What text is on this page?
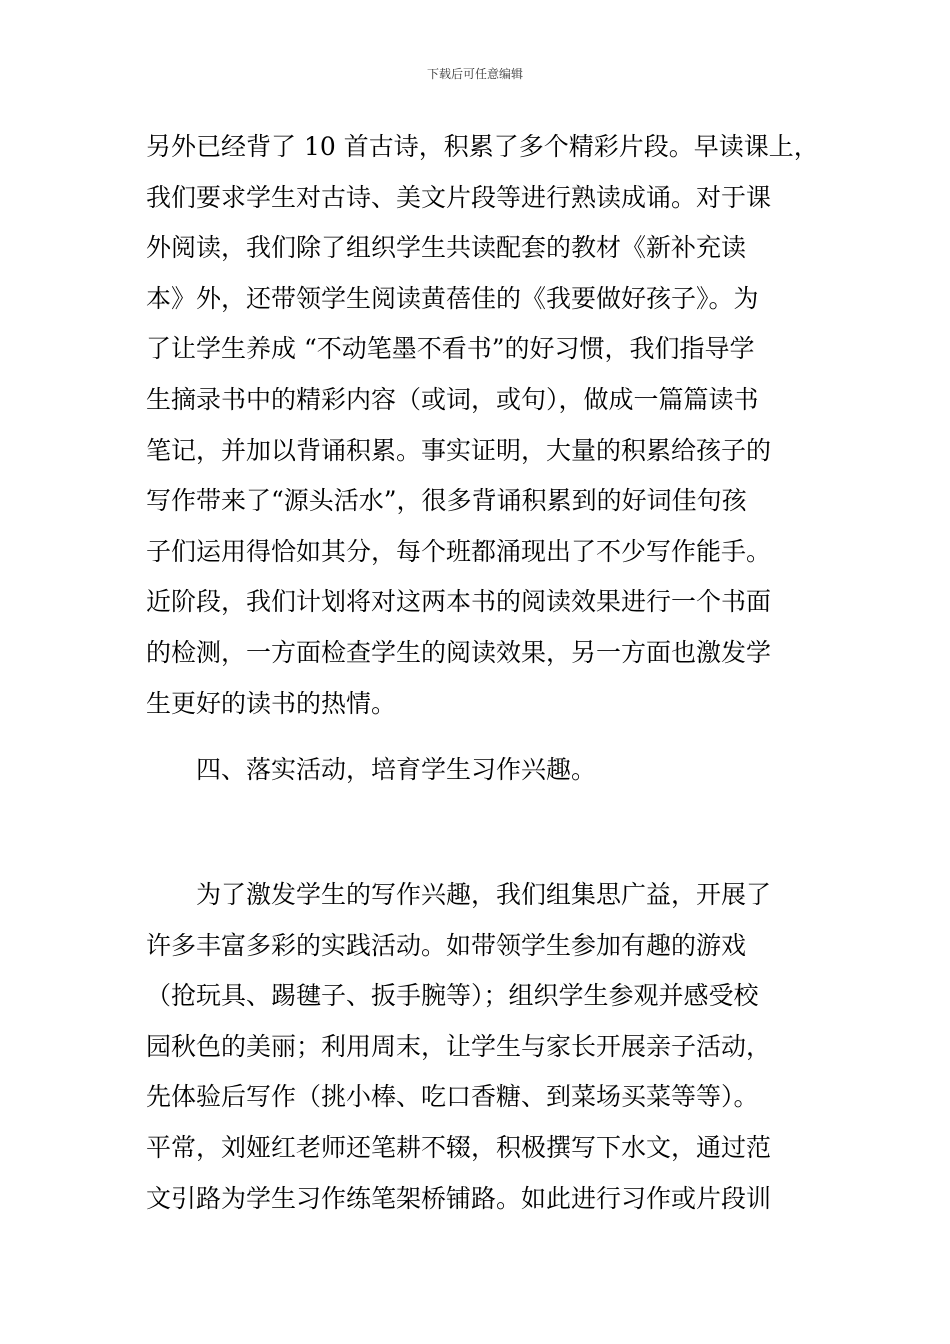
下载后可任意编辑
另外已经背了 10 首古诗，积累了多个精彩片段。早读课上，
我们要求学生对古诗、美文片段等进行熟读成诵。对于课
外阅读，我们除了组织学生共读配套的教材《新补充读
本》外，还带领学生阅读黄蓓佳的《我要做好孩子》。为
了让学生养成 “不动笔墨不看书”的好习惯，我们指导学
生摘录书中的精彩内容（或词，或句），做成一篇篇读书
笔记，并加以背诵积累。事实证明，大量的积累给孩子的
写作带来了“源头活水”，很多背诵积累到的好词佳句孩
子们运用得恰如其分，每个班都涌现出了不少写作能手。
近阶段，我们计划将对这两本书的阅读效果进行一个书面
的检测，一方面检查学生的阅读效果，另一方面也激发学
生更好的读书的热情。
四、落实活动，培育学生习作兴趣。
为了激发学生的写作兴趣，我们组集思广益，开展了
许多丰富多彩的实践活动。如带领学生参加有趣的游戏
（抢玩具、踢毽子、扳手腕等）；组织学生参观并感受校
园秋色的美丽；利用周末，让学生与家长开展亲子活动，
先体验后写作（挑小棒、吃口香糖、到菜场买菜等等）。
平常，刘娅红老师还笔耕不辍，积极撰写下水文，通过范
文引路为学生习作练笔架桥铺路。如此进行习作或片段训
